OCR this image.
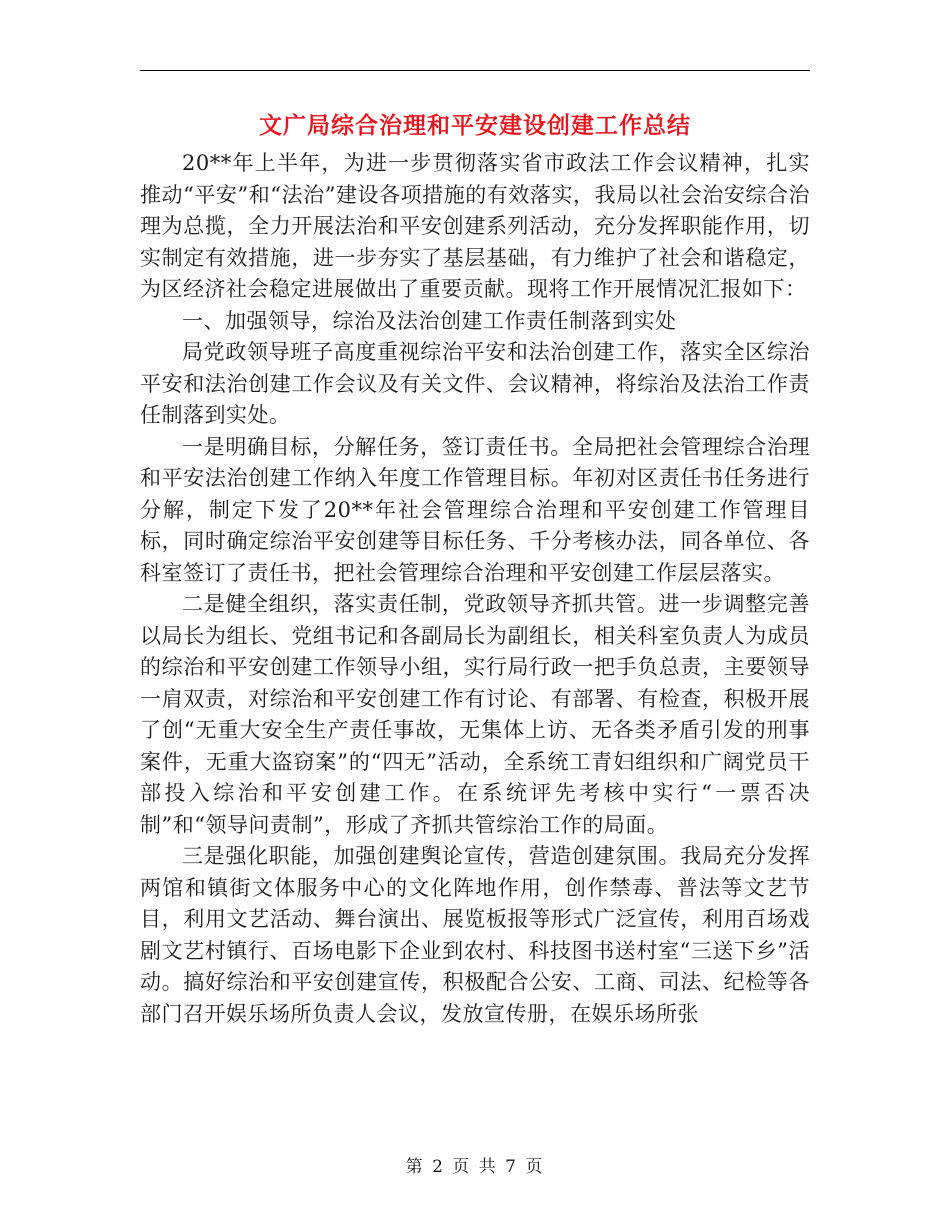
文广局综合治理和平安建设创建工作总结

20**年上半年，为进一步贯彻落实省市政法工作会议精神，扎实推动“平安”和“法治”建设各项措施的有效落实，我局以社会治安综合治理为总揽，全力开展法治和平安创建系列活动，充分发挥职能作用，切实制定有效措施，进一步夯实了基层基础，有力维护了社会和谐稳定，为区经济社会稳定进展做出了重要贡献。现将工作开展情况汇报如下：

一、加强领导，综治及法治创建工作责任制落到实处

局党政领导班子高度重视综治平安和法治创建工作，落实全区综治平安和法治创建工作会议及有关文件、会议精神，将综治及法治工作责任制落到实处。

一是明确目标，分解任务，签订责任书。全局把社会管理综合治理和平安法治创建工作纳入年度工作管理目标。年初对区责任书任务进行分解，制定下发了20**年社会管理综合治理和平安创建工作管理目标，同时确定综治平安创建等目标任务、千分考核办法，同各单位、各科室签订了责任书，把社会管理综合治理和平安创建工作层层落实。

二是健全组织，落实责任制，党政领导齐抓共管。进一步调整完善以局长为组长、党组书记和各副局长为副组长，相关科室负责人为成员的综治和平安创建工作领导小组，实行局行政一把手负总责，主要领导一肩双责，对综治和平安创建工作有讨论、有部署、有检查，积极开展了创“无重大安全生产责任事故，无集体上访、无各类矛盾引发的刑事案件，无重大盗窃案”的“四无”活动，全系统工青妇组织和广阔党员干部投入综治和平安创建工作。在系统评先考核中实行“一票否决制”和“领导问责制”，形成了齐抓共管综治工作的局面。

三是强化职能，加强创建舆论宣传，营造创建氛围。我局充分发挥两馆和镇街文体服务中心的文化阵地作用，创作禁毒、普法等文艺节目，利用文艺活动、舞台演出、展览板报等形式广泛宣传，利用百场戏剧文艺村镇行、百场电影下企业到农村、科技图书送村室“三送下乡”活动。搞好综治和平安创建宣传，积极配合公安、工商、司法、纪检等各部门召开娱乐场所负责人会议，发放宣传册，在娱乐场所张

第 2 页 共 7 页
